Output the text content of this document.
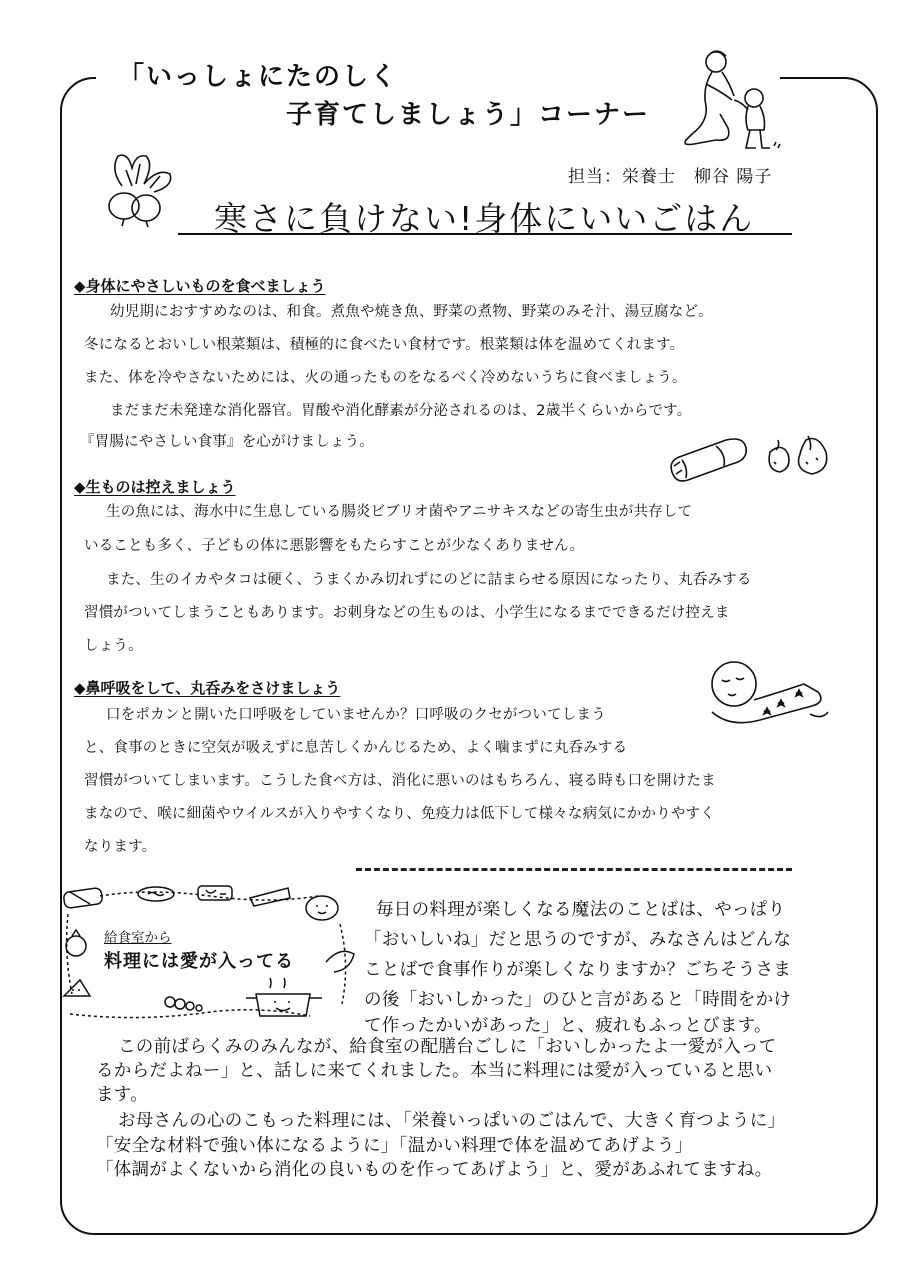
「いっしょにたのしく
子育てしましょう」コーナー
担当：栄養士　柳谷 陽子
寒さに負けない!身体にいいごはん
◆身体にやさしいものを食べましょう
幼児期におすすめなのは、和食。煮魚や焼き魚、野菜の煮物、野菜のみそ汁、湯豆腐など。
冬になるとおいしい根菜類は、積極的に食べたい食材です。根菜類は体を温めてくれます。
また、体を冷やさないためには、火の通ったものをなるべく冷めないうちに食べましょう。
まだまだ未発達な消化器官。胃酸や消化酵素が分泌されるのは、2歳半くらいからです。
『胃腸にやさしい食事』を心がけましょう。
◆生ものは控えましょう
生の魚には、海水中に生息している腸炎ビブリオ菌やアニサキスなどの寄生虫が共存して
いることも多く、子どもの体に悪影響をもたらすことが少なくありません。
また、生のイカやタコは硬く、うまくかみ切れずにのどに詰まらせる原因になったり、丸呑みする
習慣がついてしまうこともあります。お刺身などの生ものは、小学生になるまでできるだけ控えま
しょう。
◆鼻呼吸をして、丸呑みをさけましょう
口をポカンと開いた口呼吸をしていませんか？口呼吸のクセがついてしまう
と、食事のときに空気が吸えずに息苦しくかんじるため、よく噛まずに丸呑みする
習慣がついてしまいます。こうした食べ方は、消化に悪いのはもちろん、寝る時も口を開けたま
まなので、喉に細菌やウイルスが入りやすくなり、免疫力は低下して様々な病気にかかりやすく
なります。
給食室から
料理には愛が入ってる
毎日の料理が楽しくなる魔法のことばは、やっぱり
「おいしいね」だと思うのですが、みなさんはどんな
ことばで食事作りが楽しくなりますか？ごちそうさま
の後「おいしかった」のひと言があると「時間をかけ
て作ったかいがあった」と、疲れもふっとびます。
この前ばらくみのみんなが、給食室の配膳台ごしに「おいしかったよ一愛が入って
るからだよねー」と、話しに来てくれました。本当に料理には愛が入っていると思い
ます。
お母さんの心のこもった料理には、「栄養いっぱいのごはんで、大きく育つように」
「安全な材料で強い体になるように」「温かい料理で体を温めてあげよう」
「体調がよくないから消化の良いものを作ってあげよう」と、愛があふれてますね。
